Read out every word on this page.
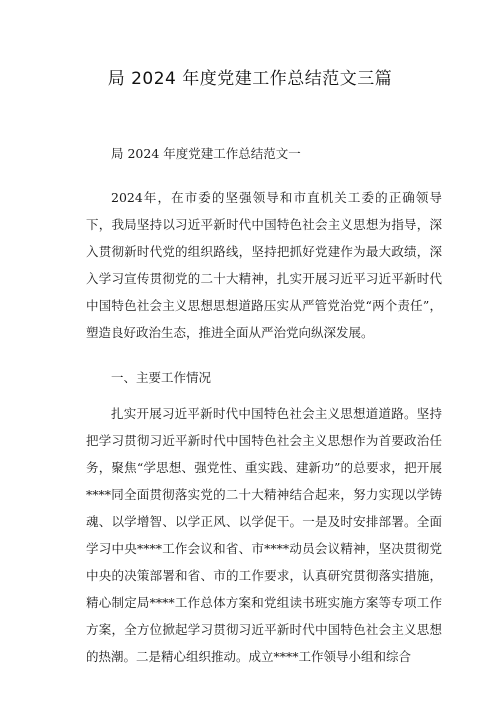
局 2024 年度党建工作总结范文三篇
局 2024 年度党建工作总结范文一

2024年，在市委的坚强领导和市直机关工委的正确领导下，我局坚持以习近平新时代中国特色社会主义思想为指导，深入贯彻新时代党的组织路线，坚持把抓好党建作为最大政绩，深入学习宣传贯彻党的二十大精神，扎实开展习近平习近平新时代中国特色社会主义思想思想道路压实从严管党治党“两个责任”，塑造良好政治生态，推进全面从严治党向纵深发展。

一、主要工作情况

扎实开展习近平新时代中国特色社会主义思想道道路。坚持把学习贯彻习近平新时代中国特色社会主义思想作为首要政治任务，聚焦“学思想、强党性、重实践、建新功”的总要求，把开展****同全面贯彻落实党的二十大精神结合起来，努力实现以学铸魂、以学增智、以学正风、以学促干。一是及时安排部署。全面学习中央****工作会议和省、市****动员会议精神，坚决贯彻党中央的决策部署和省、市的工作要求，认真研究贯彻落实措施，精心制定局****工作总体方案和党组读书班实施方案等专项工作方案，全方位掀起学习贯彻习近平新时代中国特色社会主义思想的热潮。二是精心组织推动。成立****工作领导小组和综合
